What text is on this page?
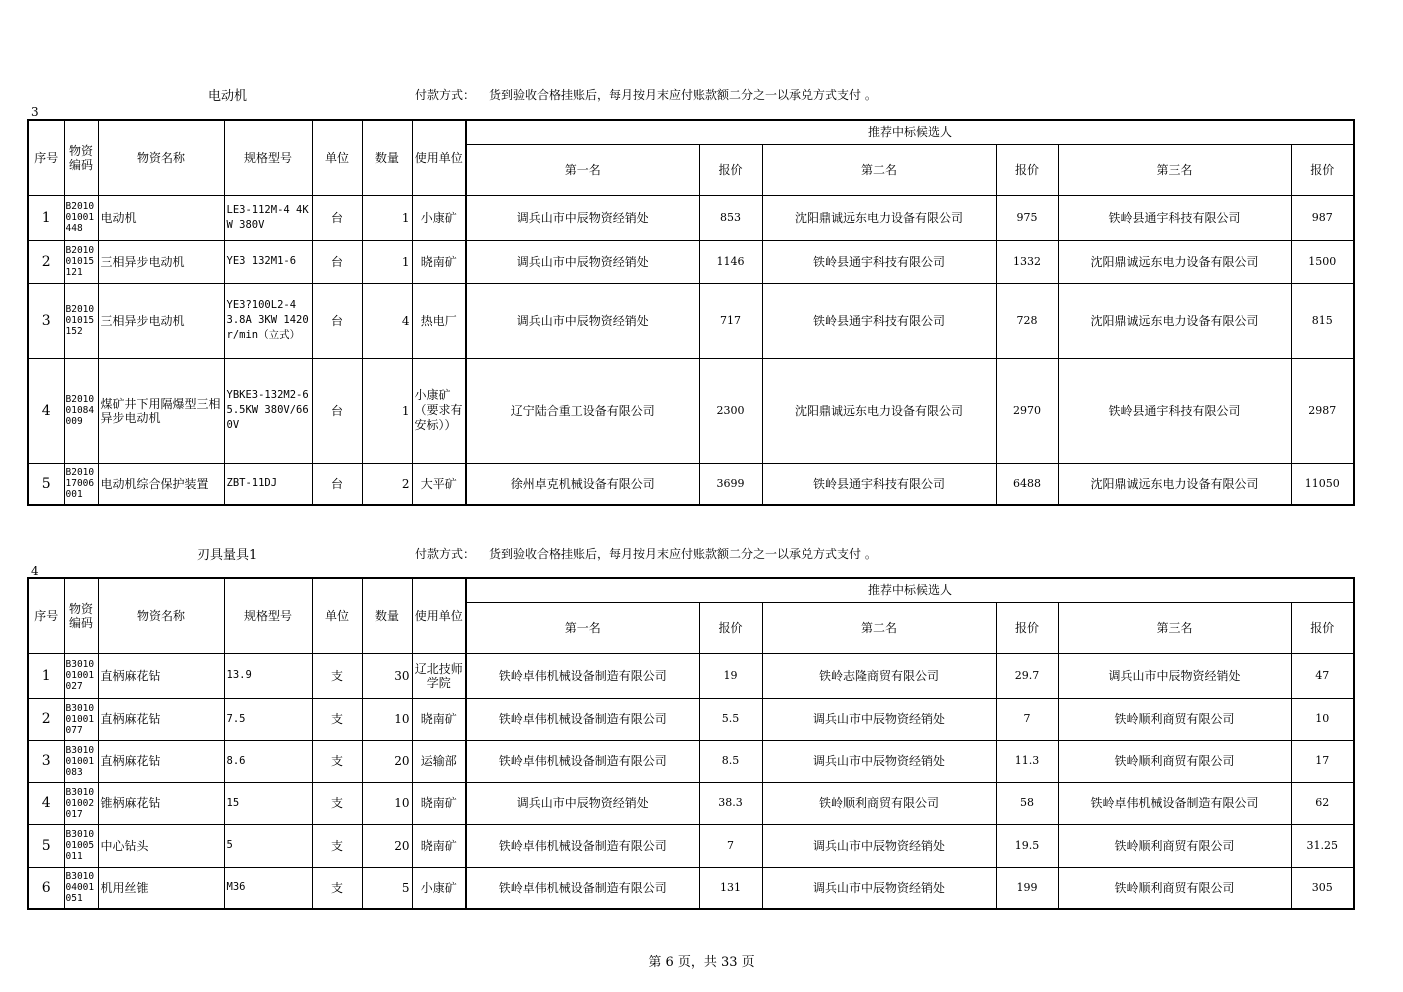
电动机	付款方式： 货到验收合格挂账后，每月按月末应付账款额二分之一以承兑方式支付 。
3
序号	物资编码	物资名称	规格型号	单位	数量	使用单位	推荐中标候选人					
							第一名	报价	第二名	报价	第三名	报价
1	B201001001448	电动机	LE3-112M-4 4KW 380V	台	1	小康矿	调兵山市中辰物资经销处	853	沈阳鼎诚远东电力设备有限公司	975	铁岭县通宇科技有限公司	987
2	B201001015121	三相异步电动机	YE3 132M1-6	台	1	晓南矿	调兵山市中辰物资经销处	1146	铁岭县通宇科技有限公司	1332	沈阳鼎诚远东电力设备有限公司	1500
3	B201001015152	三相异步电动机	YE3?100L2-4 3.8A 3KW 1420r/min（立式）	台	4	热电厂	调兵山市中辰物资经销处	717	铁岭县通宇科技有限公司	728	沈阳鼎诚远东电力设备有限公司	815
4	B201001084009	煤矿井下用隔爆型三相异步电动机	YBKE3-132M2-6 5.5KW 380V/660V	台	1	小康矿（要求有安标））	辽宁陆合重工设备有限公司	2300	沈阳鼎诚远东电力设备有限公司	2970	铁岭县通宇科技有限公司	2987
5	B201017006001	电动机综合保护装置	ZBT-11DJ	台	2	大平矿	徐州卓克机械设备有限公司	3699	铁岭县通宇科技有限公司	6488	沈阳鼎诚远东电力设备有限公司	11050
刃具量具1	付款方式： 货到验收合格挂账后，每月按月末应付账款额二分之一以承兑方式支付 。
4
序号	物资编码	物资名称	规格型号	单位	数量	使用单位	推荐中标候选人					
							第一名	报价	第二名	报价	第三名	报价
1	B301001001027	直柄麻花钻	13.9	支	30	辽北技师学院	铁岭卓伟机械设备制造有限公司	19	铁岭志隆商贸有限公司	29.7	调兵山市中辰物资经销处	47
2	B301001001077	直柄麻花钻	7.5	支	10	晓南矿	铁岭卓伟机械设备制造有限公司	5.5	调兵山市中辰物资经销处	7	铁岭顺利商贸有限公司	10
3	B301001001083	直柄麻花钻	8.6	支	20	运输部	铁岭卓伟机械设备制造有限公司	8.5	调兵山市中辰物资经销处	11.3	铁岭顺利商贸有限公司	17
4	B301001002017	锥柄麻花钻	15	支	10	晓南矿	调兵山市中辰物资经销处	38.3	铁岭顺利商贸有限公司	58	铁岭卓伟机械设备制造有限公司	62
5	B301001005011	中心钻头	5	支	20	晓南矿	铁岭卓伟机械设备制造有限公司	7	调兵山市中辰物资经销处	19.5	铁岭顺利商贸有限公司	31.25
6	B301004001051	机用丝锥	M36	支	5	小康矿	铁岭卓伟机械设备制造有限公司	131	调兵山市中辰物资经销处	199	铁岭顺利商贸有限公司	305
第 6 页，共 33 页
